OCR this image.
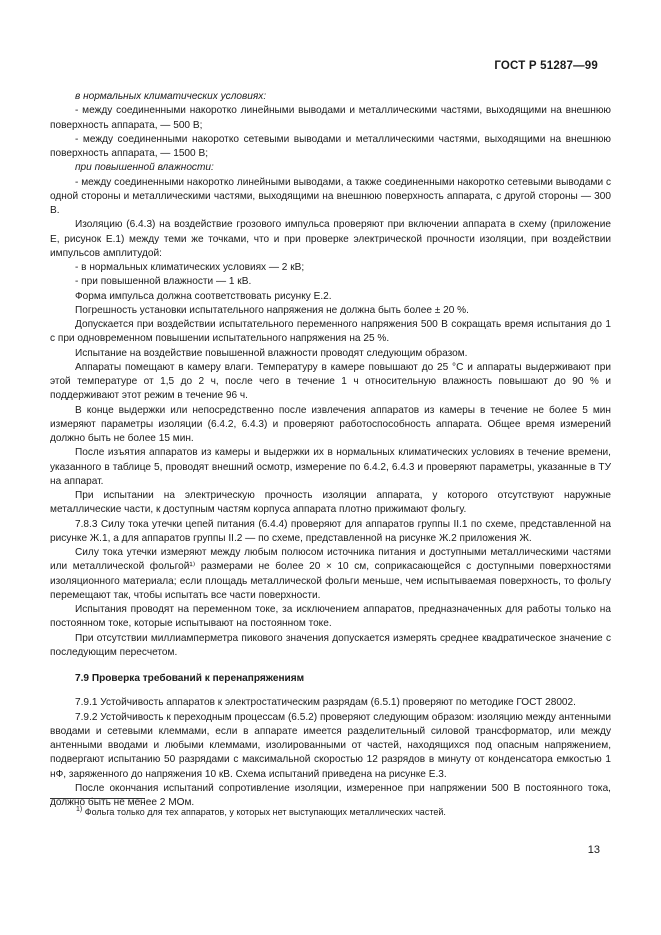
ГОСТ Р 51287—99

в нормальных климатических условиях:

- между соединенными накоротко линейными выводами и металлическими частями, выходящими на внешнюю поверхность аппарата, — 500 В;

- между соединенными накоротко сетевыми выводами и металлическими частями, выходящими на внешнюю поверхность аппарата, — 1500 В;

при повышенной влажности:

- между соединенными накоротко линейными выводами, а также соединенными накоротко сетевыми выводами с одной стороны и металлическими частями, выходящими на внешнюю поверхность аппарата, с другой стороны — 300 В.

Изоляцию (6.4.3) на воздействие грозового импульса проверяют при включении аппарата в схему (приложение Е, рисунок Е.1) между теми же точками, что и при проверке электрической прочности изоляции, при воздействии импульсов амплитудой:

- в нормальных климатических условиях — 2 кВ;

- при повышенной влажности — 1 кВ.

Форма импульса должна соответствовать рисунку Е.2.

Погрешность установки испытательного напряжения не должна быть более ± 20 %.

Допускается при воздействии испытательного переменного напряжения 500 В сокращать время испытания до 1 с при одновременном повышении испытательного напряжения на 25 %.

Испытание на воздействие повышенной влажности проводят следующим образом.

Аппараты помещают в камеру влаги. Температуру в камере повышают до 25 °С и аппараты выдерживают при этой температуре от 1,5 до 2 ч, после чего в течение 1 ч относительную влажность повышают до 90 % и поддерживают этот режим в течение 96 ч.

В конце выдержки или непосредственно после извлечения аппаратов из камеры в течение не более 5 мин измеряют параметры изоляции (6.4.2, 6.4.3) и проверяют работоспособность аппарата. Общее время измерений должно быть не более 15 мин.

После изъятия аппаратов из камеры и выдержки их в нормальных климатических условиях в течение времени, указанного в таблице 5, проводят внешний осмотр, измерение по 6.4.2, 6.4.3 и проверяют параметры, указанные в ТУ на аппарат.

При испытании на электрическую прочность изоляции аппарата, у которого отсутствуют наружные металлические части, к доступным частям корпуса аппарата плотно прижимают фольгу.

7.8.3 Силу тока утечки цепей питания (6.4.4) проверяют для аппаратов группы II.1 по схеме, представленной на рисунке Ж.1, а для аппаратов группы II.2 — по схеме, представленной на рисунке Ж.2 приложения Ж.

Силу тока утечки измеряют между любым полюсом источника питания и доступными металлическими частями или металлической фольгой¹⁾ размерами не более 20 × 10 см, соприкасающейся с доступными поверхностями изоляционного материала; если площадь металлической фольги меньше, чем испытываемая поверхность, то фольгу перемещают так, чтобы испытать все части поверхности.

Испытания проводят на переменном токе, за исключением аппаратов, предназначенных для работы только на постоянном токе, которые испытывают на постоянном токе.

При отсутствии миллиамперметра пикового значения допускается измерять среднее квадратическое значение с последующим пересчетом.

7.9 Проверка требований к перенапряжениям

7.9.1 Устойчивость аппаратов к электростатическим разрядам (6.5.1) проверяют по методике ГОСТ 28002.

7.9.2 Устойчивость к переходным процессам (6.5.2) проверяют следующим образом: изоляцию между антенными вводами и сетевыми клеммами, если в аппарате имеется разделительный силовой трансформатор, или между антенными вводами и любыми клеммами, изолированными от частей, находящихся под опасным напряжением, подвергают испытанию 50 разрядами с максимальной скоростью 12 разрядов в минуту от конденсатора емкостью 1 нФ, заряженного до напряжения 10 кВ. Схема испытаний приведена на рисунке Е.3.

После окончания испытаний сопротивление изоляции, измеренное при напряжении 500 В постоянного тока, должно быть не менее 2 МОм.

$^{1)}$ Фольга только для тех аппаратов, у которых нет выступающих металлических частей.
13
